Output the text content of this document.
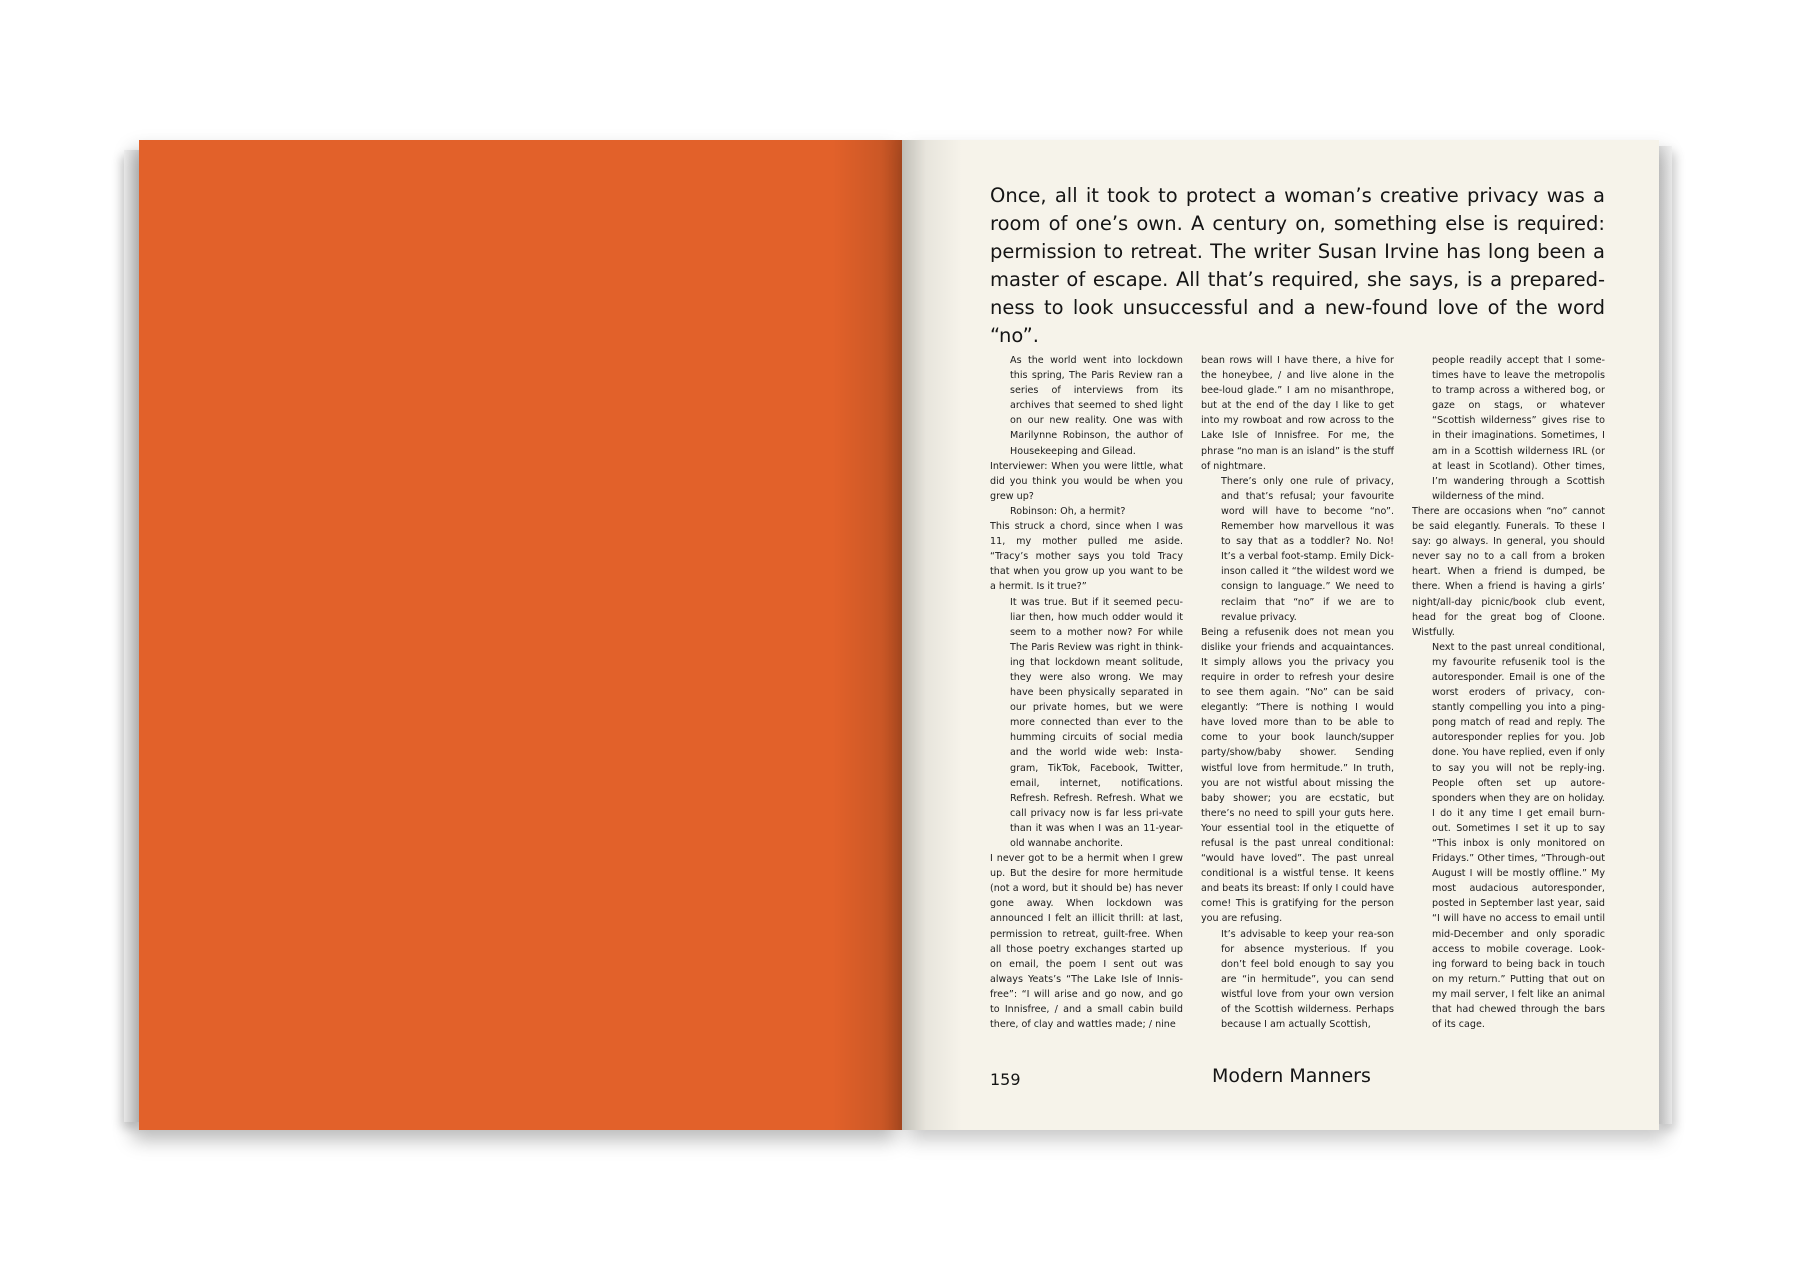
Once, all it took to protect a woman’s creative privacy was a room of one’s own. A century on, something else is required: permission to retreat. The writer Susan Irvine has long been a master of escape. All that’s required, she says, is a prepared-ness to look unsuccessful and a new-found love of the word “no”.

As the world went into lockdown this spring, The Paris Review ran a series of interviews from its archives that seemed to shed light on our new reality. One was with Marilynne Robinson, the author of Housekeeping and Gilead.

Interviewer: When you were little, what did you think you would be when you grew up?

Robinson: Oh, a hermit?

This struck a chord, since when I was 11, my mother pulled me aside. “Tracy’s mother says you told Tracy that when you grow up you want to be a hermit. Is it true?”

It was true. But if it seemed pecu-liar then, how much odder would it seem to a mother now? For while The Paris Review was right in think-ing that lockdown meant solitude, they were also wrong. We may have been physically separated in our private homes, but we were more connected than ever to the humming circuits of social media and the world wide web: Insta-gram, TikTok, Facebook, Twitter, email, internet, notifications. Refresh. Refresh. Refresh. What we call privacy now is far less pri-vate than it was when I was an 11-year-old wannabe anchorite.

I never got to be a hermit when I grew up. But the desire for more hermitude (not a word, but it should be) has never gone away. When lockdown was announced I felt an illicit thrill: at last, permission to retreat, guilt-free. When all those poetry exchanges started up on email, the poem I sent out was always Yeats’s “The Lake Isle of Innis-free”: “I will arise and go now, and go to Innisfree, / and a small cabin build there, of clay and wattles made; / nine

bean rows will I have there, a hive for the honeybee, / and live alone in the bee-loud glade.” I am no misanthrope, but at the end of the day I like to get into my rowboat and row across to the Lake Isle of Innisfree. For me, the phrase “no man is an island” is the stuff of nightmare.

There’s only one rule of privacy, and that’s refusal; your favourite word will have to become “no”. Remember how marvellous it was to say that as a toddler? No. No! It’s a verbal foot-stamp. Emily Dick-inson called it “the wildest word we consign to language.” We need to reclaim that “no” if we are to revalue privacy.

Being a refusenik does not mean you dislike your friends and acquaintances. It simply allows you the privacy you require in order to refresh your desire to see them again. “No” can be said elegantly: “There is nothing I would have loved more than to be able to come to your book launch/supper party/show/baby shower. Sending wistful love from hermitude.” In truth, you are not wistful about missing the baby shower; you are ecstatic, but there’s no need to spill your guts here. Your essential tool in the etiquette of refusal is the past unreal conditional: “would have loved”. The past unreal conditional is a wistful tense. It keens and beats its breast: If only I could have come! This is gratifying for the person you are refusing.

It’s advisable to keep your rea-son for absence mysterious. If you don’t feel bold enough to say you are “in hermitude”, you can send wistful love from your own version of the Scottish wilderness. Perhaps because I am actually Scottish,

people readily accept that I some-times have to leave the metropolis to tramp across a withered bog, or gaze on stags, or whatever “Scottish wilderness” gives rise to in their imaginations. Sometimes, I am in a Scottish wilderness IRL (or at least in Scotland). Other times, I’m wandering through a Scottish wilderness of the mind.

There are occasions when “no” cannot be said elegantly. Funerals. To these I say: go always. In general, you should never say no to a call from a broken heart. When a friend is dumped, be there. When a friend is having a girls’ night/all-day picnic/book club event, head for the great bog of Cloone. Wistfully.

Next to the past unreal conditional, my favourite refusenik tool is the autoresponder. Email is one of the worst eroders of privacy, con-stantly compelling you into a ping-pong match of read and reply. The autoresponder replies for you. Job done. You have replied, even if only to say you will not be reply-ing. People often set up autore-sponders when they are on holiday. I do it any time I get email burn-out. Sometimes I set it up to say “This inbox is only monitored on Fridays.” Other times, “Through-out August I will be mostly offline.” My most audacious autoresponder, posted in September last year, said “I will have no access to email until mid-December and only sporadic access to mobile coverage. Look-ing forward to being back in touch on my return.” Putting that out on my mail server, I felt like an animal that had chewed through the bars of its cage.

159	Modern Manners
